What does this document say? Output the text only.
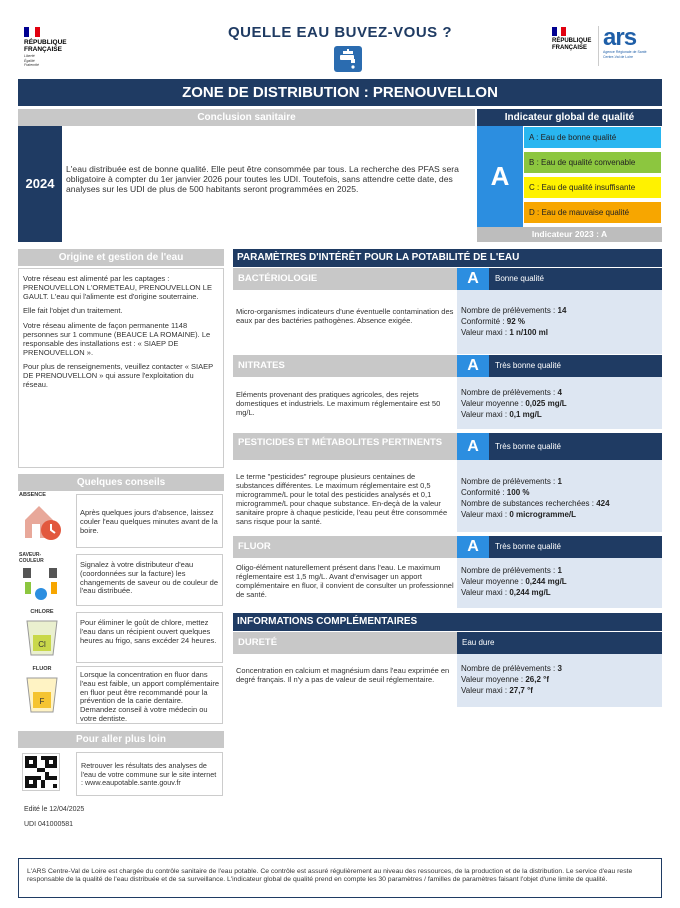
RÉPUBLIQUE
FRANÇAISE
Liberté
Égalité
Fraternité
QUELLE EAU BUVEZ-VOUS ?	RÉPUBLIQUE
FRANÇAISE ars
Agence Régionale de Santé Centre-Val de Loire
ZONE DE DISTRIBUTION : PRENOUVELLON
Conclusion sanitaire
2024
L'eau distribuée est de bonne qualité. Elle peut être consommée par tous. La recherche des PFAS sera obligatoire à compter du 1er janvier 2026 pour toutes les UDI. Toutefois, sans attendre cette date, des analyses sur les UDI de plus de 500 habitants seront programmées en 2025.
Indicateur global de qualité
A
A : Eau de bonne qualité
B : Eau de qualité convenable
C : Eau de qualité insuffisante
D : Eau de mauvaise qualité
Indicateur 2023 : A
Origine et gestion de l'eau

Votre réseau est alimenté par les captages : PRENOUVELLON L'ORMETEAU, PRENOUVELLON LE GAULT. L'eau qui l'alimente est d'origine souterraine.

Elle fait l'objet d'un traitement.

Votre réseau alimente de façon permanente 1148 personnes sur 1 commune (BEAUCE LA ROMAINE). Le responsable des installations est : « SIAEP DE PRENOUVELLON ».

Pour plus de renseignements, veuillez contacter « SIAEP DE PRENOUVELLON » qui assure l'exploitation du réseau.

Quelques conseils
ABSENCE
Après quelques jours d'absence, laissez couler l'eau quelques minutes avant de la boire.
SAVEUR-COULEUR	Signalez à votre distributeur d'eau (coordonnées sur la facture) les changements de saveur ou de couleur de l'eau distribuée.
CHLORE
Cl
Pour éliminer le goût de chlore, mettez l'eau dans un récipient ouvert quelques heures au frigo, sans excéder 24 heures.
FLUOR
F
Lorsque la concentration en fluor dans l'eau est faible, un apport complémentaire en fluor peut être recommandé pour la prévention de la carie dentaire. Demandez conseil à votre médecin ou votre dentiste.
Pour aller plus loin
Retrouver les résultats des analyses de l'eau de votre commune sur le site internet : www.eaupotable.sante.gouv.fr
Edité le 12/04/2025
UDI 041000581
PARAMÈTRES D'INTÉRÊT POUR LA POTABILITÉ DE L'EAU
BACTÉRIOLOGIE	A	Bonne qualité
Micro-organismes indicateurs d'une éventuelle contamination des eaux par des bactéries pathogènes. Absence exigée.
Nombre de prélèvements : 14
Conformité : 92 %
Valeur maxi : 1 n/100 ml
NITRATES	A	Très bonne qualité
Eléments provenant des pratiques agricoles, des rejets domestiques et industriels. Le maximum réglementaire est 50 mg/L.
Nombre de prélèvements : 4
Valeur moyenne : 0,025 mg/L
Valeur maxi : 0,1 mg/L
PESTICIDES ET MÉTABOLITES PERTINENTS	A	Très bonne qualité
Le terme "pesticides" regroupe plusieurs centaines de substances différentes. Le maximum réglementaire est 0,5 microgramme/L pour le total des pesticides analysés et 0,1 microgramme/L pour chaque substance. En-deçà de la valeur sanitaire propre à chaque pesticide, l'eau peut être consommée sans risque pour la santé.
Nombre de prélèvements : 1
Conformité : 100 %
Nombre de substances recherchées : 424
Valeur maxi : 0 microgramme/L
FLUOR	A	Très bonne qualité
Oligo-élément naturellement présent dans l'eau. Le maximum réglementaire est 1,5 mg/L. Avant d'envisager un apport complémentaire en fluor, il convient de consulter un professionnel de santé.
Nombre de prélèvements : 1
Valeur moyenne : 0,244 mg/L
Valeur maxi : 0,244 mg/L
INFORMATIONS COMPLÉMENTAIRES
DURETÉ	Eau dure
Concentration en calcium et magnésium dans l'eau exprimée en degré français. Il n'y a pas de valeur de seuil réglementaire.
Nombre de prélèvements : 3
Valeur moyenne : 26,2 °f
Valeur maxi : 27,7 °f
L'ARS Centre-Val de Loire est chargée du contrôle sanitaire de l'eau potable. Ce contrôle est assuré régulièrement au niveau des ressources, de la production et de la distribution. Le service d'eau reste responsable de la qualité de l'eau distribuée et de sa surveillance. L'indicateur global de qualité prend en compte les 30 paramètres / familles de paramètres faisant l'objet d'une limite de qualité.
